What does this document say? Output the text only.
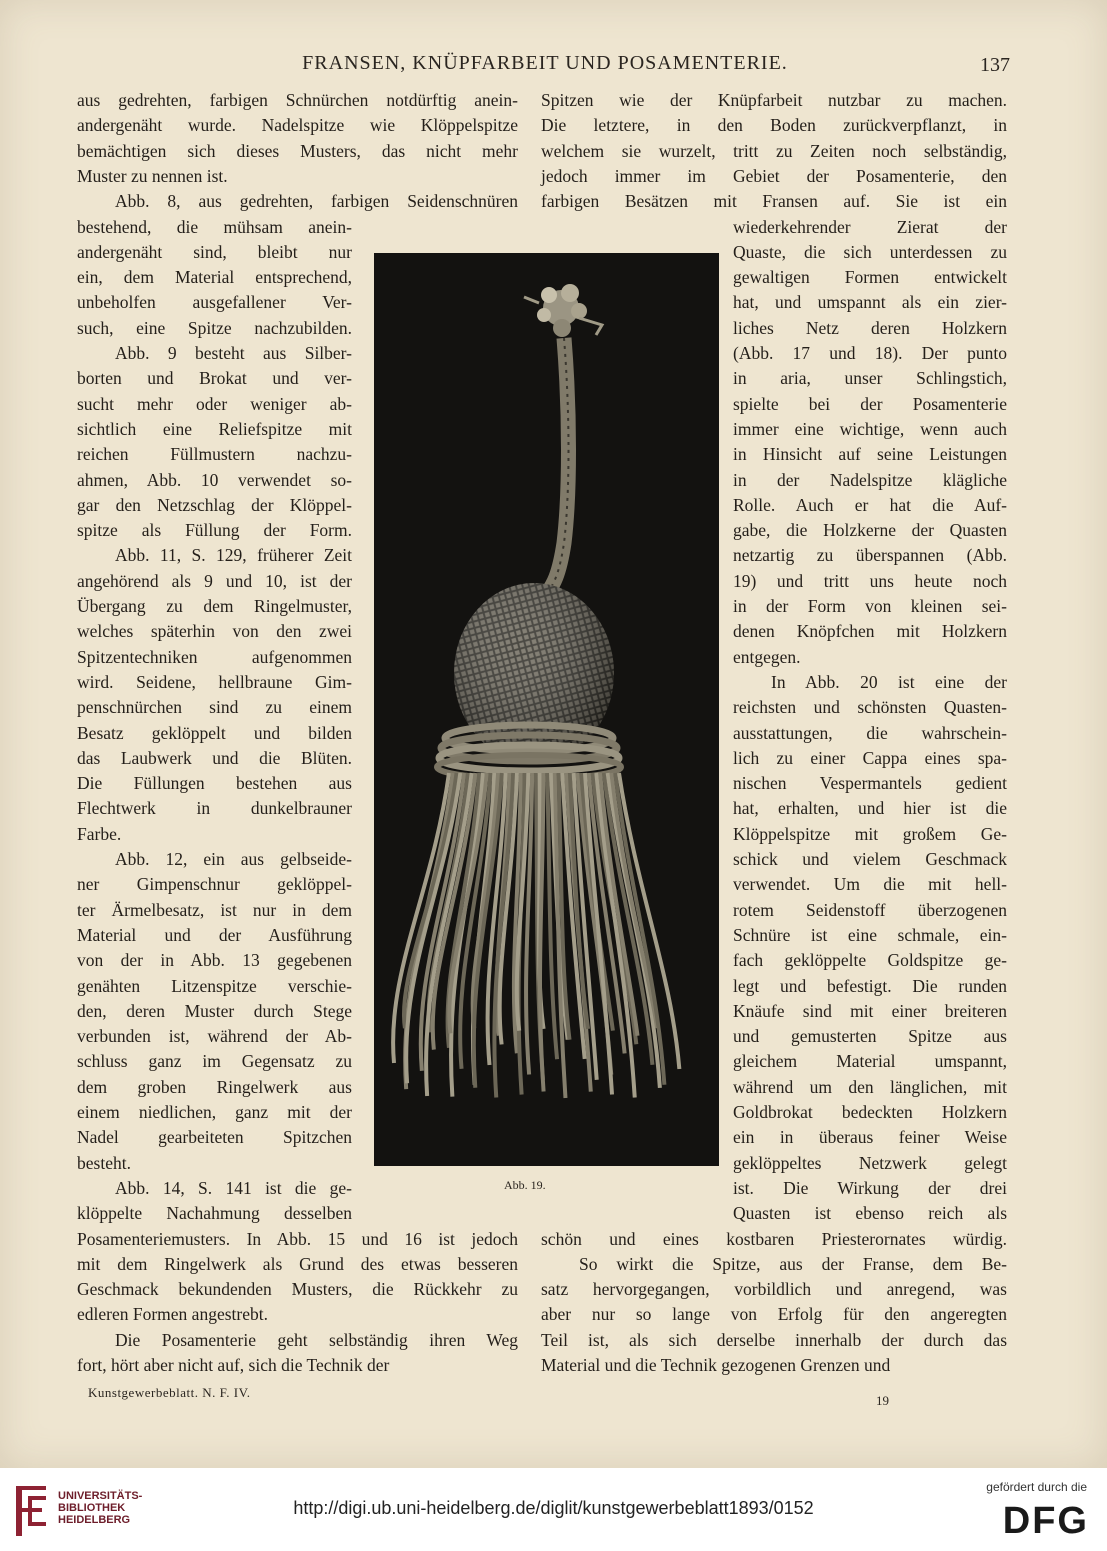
FRANSEN, KNÜPFARBEIT UND POSAMENTERIE.	137
aus gedrehten, farbigen Schnürchen notdürftig anein-
andergenäht wurde. Nadelspitze wie Klöppelspitze
bemächtigen sich dieses Musters, das nicht mehr
Muster zu nennen ist.
Abb. 8, aus gedrehten, farbigen Seidenschnüren
bestehend, die mühsam anein-
andergenäht sind, bleibt nur
ein, dem Material entsprechend,
unbeholfen ausgefallener Ver-
such, eine Spitze nachzubilden.
Abb. 9 besteht aus Silber-
borten und Brokat und ver-
sucht mehr oder weniger ab-
sichtlich eine Reliefspitze mit
reichen Füllmustern nachzu-
ahmen, Abb. 10 verwendet so-
gar den Netzschlag der Klöppel-
spitze als Füllung der Form.
Abb. 11, S. 129, früherer Zeit
angehörend als 9 und 10, ist der
Übergang zu dem Ringelmuster,
welches späterhin von den zwei
Spitzentechniken aufgenommen
wird. Seidene, hellbraune Gim-
penschnürchen sind zu einem
Besatz geklöppelt und bilden
das Laubwerk und die Blüten.
Die Füllungen bestehen aus
Flechtwerk in dunkelbrauner
Farbe.
Abb. 12, ein aus gelbseide-
ner Gimpenschnur geklöppel-
ter Ärmelbesatz, ist nur in dem
Material und der Ausführung
von der in Abb. 13 gegebenen
genähten Litzenspitze verschie-
den, deren Muster durch Stege
verbunden ist, während der Ab-
schluss ganz im Gegensatz zu
dem groben Ringelwerk aus
einem niedlichen, ganz mit der
Nadel gearbeiteten Spitzchen
besteht.
Abb. 14, S. 141 ist die ge-
klöppelte Nachahmung desselben
Posamenteriemusters. In Abb. 15 und 16 ist jedoch
mit dem Ringelwerk als Grund des etwas besseren
Geschmack bekundenden Musters, die Rückkehr zu
edleren Formen angestrebt.
Die Posamenterie geht selbständig ihren Weg
fort, hört aber nicht auf, sich die Technik der
Spitzen wie der Knüpfarbeit nutzbar zu machen.
Die letztere, in den Boden zurückverpflanzt, in
welchem sie wurzelt, tritt zu Zeiten noch selbständig,
jedoch immer im Gebiet der Posamenterie, den
farbigen Besätzen mit Fransen auf. Sie ist ein
wiederkehrender Zierat der
Quaste, die sich unterdessen zu
gewaltigen Formen entwickelt
hat, und umspannt als ein zier-
liches Netz deren Holzkern
(Abb. 17 und 18). Der punto
in aria, unser Schlingstich,
spielte bei der Posamenterie
immer eine wichtige, wenn auch
in Hinsicht auf seine Leistungen
in der Nadelspitze klägliche
Rolle. Auch er hat die Auf-
gabe, die Holzkerne der Quasten
netzartig zu überspannen (Abb.
19) und tritt uns heute noch
in der Form von kleinen sei-
denen Knöpfchen mit Holzkern
entgegen.
In Abb. 20 ist eine der
reichsten und schönsten Quasten-
ausstattungen, die wahrschein-
lich zu einer Cappa eines spa-
nischen Vespermantels gedient
hat, erhalten, und hier ist die
Klöppelspitze mit großem Ge-
schick und vielem Geschmack
verwendet. Um die mit hell-
rotem Seidenstoff überzogenen
Schnüre ist eine schmale, ein-
fach geklöppelte Goldspitze ge-
legt und befestigt. Die runden
Knäufe sind mit einer breiteren
und gemusterten Spitze aus
gleichem Material umspannt,
während um den länglichen, mit
Goldbrokat bedeckten Holzkern
ein in überaus feiner Weise
geklöppeltes Netzwerk gelegt
ist. Die Wirkung der drei
Quasten ist ebenso reich als
schön und eines kostbaren Priesterornates würdig.
So wirkt die Spitze, aus der Franse, dem Be-
satz hervorgegangen, vorbildlich und anregend, was
aber nur so lange von Erfolg für den angeregten
Teil ist, als sich derselbe innerhalb der durch das
Material und die Technik gezogenen Grenzen und
Abb. 19.
Kunstgewerbeblatt. N. F. IV.
19
UNIVERSITÄTS-
BIBLIOTHEK
HEIDELBERG
http://digi.ub.uni-heidelberg.de/diglit/kunstgewerbeblatt1893/0152
gefördert durch die
DFG
